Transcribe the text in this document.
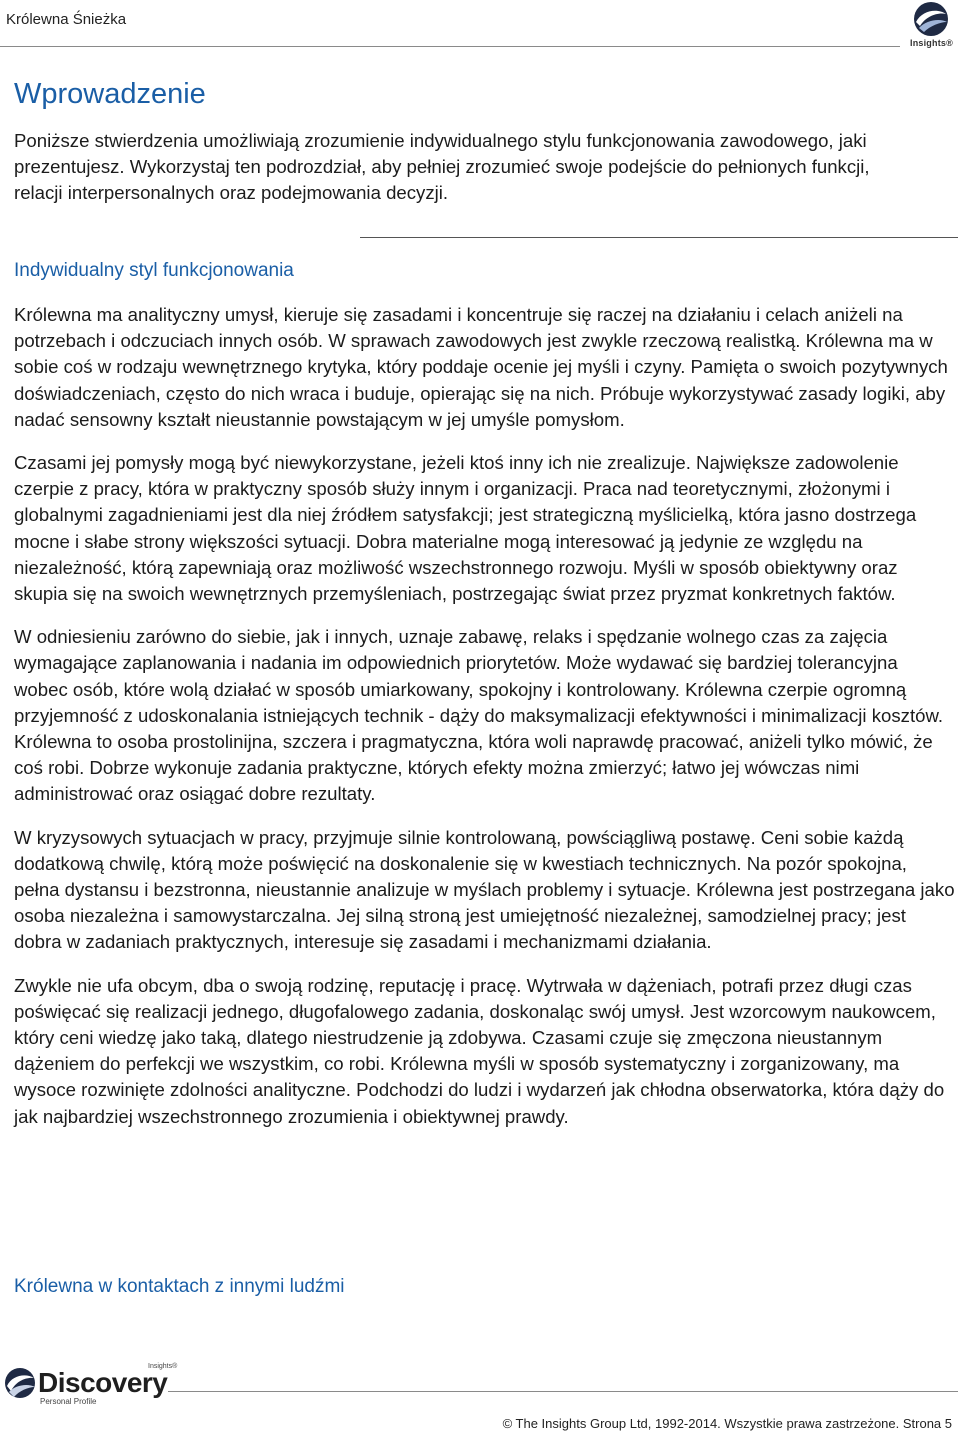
Królewna Śnieżka
Insights®
Wprowadzenie

Poniższe stwierdzenia umożliwiają zrozumienie indywidualnego stylu funkcjonowania zawodowego, jaki prezentujesz. Wykorzystaj ten podrozdział, aby pełniej zrozumieć swoje podejście do pełnionych funkcji, relacji interpersonalnych oraz podejmowania decyzji.

Indywidualny styl funkcjonowania

Królewna ma analityczny umysł, kieruje się zasadami i koncentruje się raczej na działaniu i celach aniżeli na potrzebach i odczuciach innych osób. W sprawach zawodowych jest zwykle rzeczową realistką. Królewna ma w sobie coś w rodzaju wewnętrznego krytyka, który poddaje ocenie jej myśli i czyny. Pamięta o swoich pozytywnych doświadczeniach, często do nich wraca i buduje, opierając się na nich. Próbuje wykorzystywać zasady logiki, aby nadać sensowny kształt nieustannie powstającym w jej umyśle pomysłom.

Czasami jej pomysły mogą być niewykorzystane, jeżeli ktoś inny ich nie zrealizuje. Największe zadowolenie czerpie z pracy, która w praktyczny sposób służy innym i organizacji. Praca nad teoretycznymi, złożonymi i globalnymi zagadnieniami jest dla niej źródłem satysfakcji; jest strategiczną myślicielką, która jasno dostrzega mocne i słabe strony większości sytuacji. Dobra materialne mogą interesować ją jedynie ze względu na niezależność, którą zapewniają oraz możliwość wszechstronnego rozwoju. Myśli w sposób obiektywny oraz skupia się na swoich wewnętrznych przemyśleniach, postrzegając świat przez pryzmat konkretnych faktów.

W odniesieniu zarówno do siebie, jak i innych, uznaje zabawę, relaks i spędzanie wolnego czas za zajęcia wymagające zaplanowania i nadania im odpowiednich priorytetów. Może wydawać się bardziej tolerancyjna wobec osób, które wolą działać w sposób umiarkowany, spokojny i kontrolowany. Królewna czerpie ogromną przyjemność z udoskonalania istniejących technik - dąży do maksymalizacji efektywności i minimalizacji kosztów. Królewna to osoba prostolinijna, szczera i pragmatyczna, która woli naprawdę pracować, aniżeli tylko mówić, że coś robi. Dobrze wykonuje zadania praktyczne, których efekty można zmierzyć; łatwo jej wówczas nimi administrować oraz osiągać dobre rezultaty.

W kryzysowych sytuacjach w pracy, przyjmuje silnie kontrolowaną, powściągliwą postawę. Ceni sobie każdą dodatkową chwilę, którą może poświęcić na doskonalenie się w kwestiach technicznych. Na pozór spokojna, pełna dystansu i bezstronna, nieustannie analizuje w myślach problemy i sytuacje. Królewna jest postrzegana jako osoba niezależna i samowystarczalna. Jej silną stroną jest umiejętność niezależnej, samodzielnej pracy; jest dobra w zadaniach praktycznych, interesuje się zasadami i mechanizmami działania.

Zwykle nie ufa obcym, dba o swoją rodzinę, reputację i pracę. Wytrwała w dążeniach, potrafi przez długi czas poświęcać się realizacji jednego, długofalowego zadania, doskonaląc swój umysł. Jest wzorcowym naukowcem, który ceni wiedzę jako taką, dlatego niestrudzenie ją zdobywa. Czasami czuje się zmęczona nieustannym dążeniem do perfekcji we wszystkim, co robi. Królewna myśli w sposób systematyczny i zorganizowany, ma wysoce rozwinięte zdolności analityczne. Podchodzi do ludzi i wydarzeń jak chłodna obserwatorka, która dąży do jak najbardziej wszechstronnego zrozumienia i obiektywnej prawdy.

Królewna w kontaktach z innymi ludźmi
Discovery
Insights®
Personal Profile
© The Insights Group Ltd, 1992-2014. Wszystkie prawa zastrzeżone. Strona 5
